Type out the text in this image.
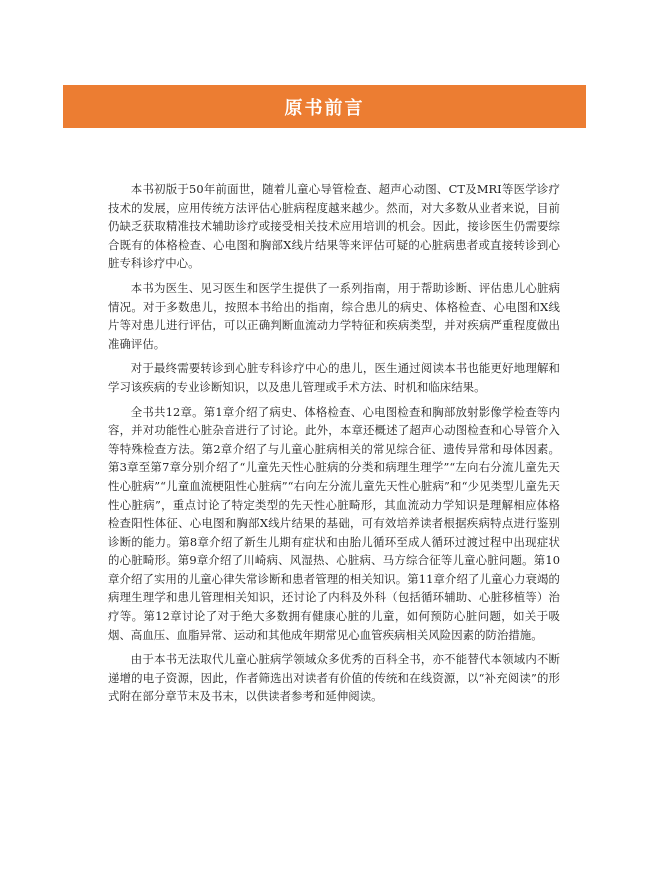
原书前言

本书初版于50年前面世，随着儿童心导管检查、超声心动图、CT及MRI等医学诊疗技术的发展，应用传统方法评估心脏病程度越来越少。然而，对大多数从业者来说，目前仍缺乏获取精准技术辅助诊疗或接受相关技术应用培训的机会。因此，接诊医生仍需要综合既有的体格检查、心电图和胸部X线片结果等来评估可疑的心脏病患者或直接转诊到心脏专科诊疗中心。

本书为医生、见习医生和医学生提供了一系列指南，用于帮助诊断、评估患儿心脏病情况。对于多数患儿，按照本书给出的指南，综合患儿的病史、体格检查、心电图和X线片等对患儿进行评估，可以正确判断血流动力学特征和疾病类型，并对疾病严重程度做出准确评估。

对于最终需要转诊到心脏专科诊疗中心的患儿，医生通过阅读本书也能更好地理解和学习该疾病的专业诊断知识，以及患儿管理或手术方法、时机和临床结果。

全书共12章。第1章介绍了病史、体格检查、心电图检查和胸部放射影像学检查等内容，并对功能性心脏杂音进行了讨论。此外，本章还概述了超声心动图检查和心导管介入等特殊检查方法。第2章介绍了与儿童心脏病相关的常见综合征、遗传异常和母体因素。第3章至第7章分别介绍了“儿童先天性心脏病的分类和病理生理学”“左向右分流儿童先天性心脏病”“儿童血流梗阻性心脏病”“右向左分流儿童先天性心脏病”和“少见类型儿童先天性心脏病”，重点讨论了特定类型的先天性心脏畸形，其血流动力学知识是理解相应体格检查阳性体征、心电图和胸部X线片结果的基础，可有效培养读者根据疾病特点进行鉴别诊断的能力。第8章介绍了新生儿期有症状和由胎儿循环至成人循环过渡过程中出现症状的心脏畸形。第9章介绍了川崎病、风湿热、心脏病、马方综合征等儿童心脏问题。第10章介绍了实用的儿童心律失常诊断和患者管理的相关知识。第11章介绍了儿童心力衰竭的病理生理学和患儿管理相关知识，还讨论了内科及外科（包括循环辅助、心脏移植等）治疗等。第12章讨论了对于绝大多数拥有健康心脏的儿童，如何预防心脏问题，如关于吸烟、高血压、血脂异常、运动和其他成年期常见心血管疾病相关风险因素的防治措施。

由于本书无法取代儿童心脏病学领域众多优秀的百科全书，亦不能替代本领域内不断递增的电子资源，因此，作者筛选出对读者有价值的传统和在线资源，以“补充阅读”的形式附在部分章节末及书末，以供读者参考和延伸阅读。
